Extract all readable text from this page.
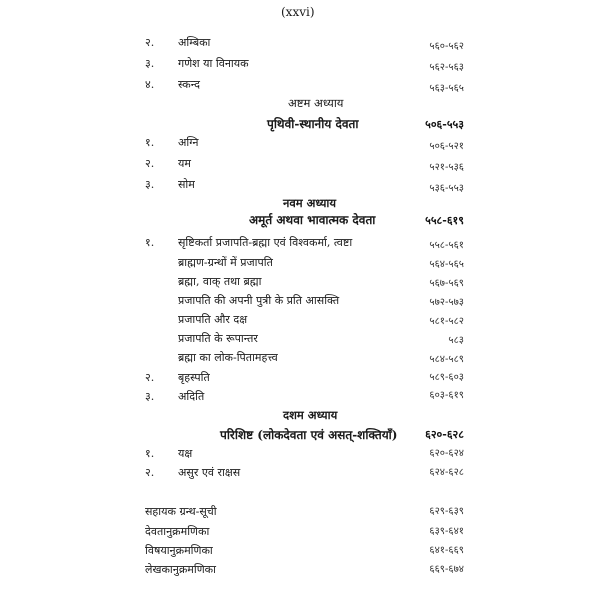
(xxvi)
२. अम्बिका	५६०-५६२
३. गणेश या विनायक	५६२-५६३
४. स्कन्द	५६३-५६५
अष्टम अध्याय
पृथिवी-स्थानीय देवता	५०६-५५३
१. अग्नि	५०६-५२१
२. यम	५२१-५३६
३. सोम	५३६-५५३
नवम अध्याय
अमूर्त अथवा भावात्मक देवता	५५८-६१९
१. सृष्टिकर्ता प्रजापति-ब्रह्मा एवं विश्वकर्मा, त्वष्टा	५५८-५६१
ब्राह्मण-ग्रन्थों में प्रजापति	५६४-५६५
ब्रह्मा, वाक् तथा ब्रह्मा	५६७-५६९
प्रजापति की अपनी पुत्री के प्रति आसक्ति	५७२-५७३
प्रजापति और दक्ष	५८१-५८२
प्रजापति के रूपान्तर	५८३
ब्रह्मा का लोक-पितामहत्त्व	५८४-५८९
२. बृहस्पति	५८९-६०३
३. अदिति	६०३-६१९
दशम अध्याय
परिशिष्ट (लोकदेवता एवं असत्-शक्तियाँ)	६२०-६२८
१. यक्ष	६२०-६२४
२. असुर एवं राक्षस	६२४-६२८
सहायक ग्रन्थ-सूची	६२९-६३९
देवतानुक्रमणिका	६३९-६४१
विषयानुक्रमणिका	६४१-६६९
लेखकानुक्रमणिका	६६९-६७४
